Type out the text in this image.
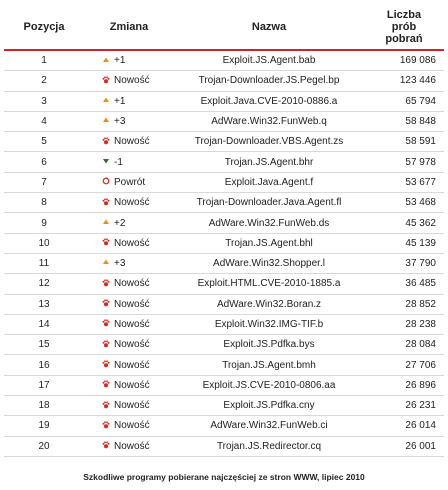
Pozycja	Zmiana	Nazwa	Liczba
prób
pobrań
1	+1	Exploit.JS.Agent.bab	169 086
2	Nowość	Trojan-Downloader.JS.Pegel.bp	123 446
3	+1	Exploit.Java.CVE-2010-0886.a	65 794
4	+3	AdWare.Win32.FunWeb.q	58 848
5	Nowość	Trojan-Downloader.VBS.Agent.zs	58 591
6	-1	Trojan.JS.Agent.bhr	57 978
7	Powrót	Exploit.Java.Agent.f	53 677
8	Nowość	Trojan-Downloader.Java.Agent.fl	53 468
9	+2	AdWare.Win32.FunWeb.ds	45 362
10	Nowość	Trojan.JS.Agent.bhl	45 139
11	+3	AdWare.Win32.Shopper.l	37 790
12	Nowość	Exploit.HTML.CVE-2010-1885.a	36 485
13	Nowość	AdWare.Win32.Boran.z	28 852
14	Nowość	Exploit.Win32.IMG-TIF.b	28 238
15	Nowość	Exploit.JS.Pdfka.bys	28 084
16	Nowość	Trojan.JS.Agent.bmh	27 706
17	Nowość	Exploit.JS.CVE-2010-0806.aa	26 896
18	Nowość	Exploit.JS.Pdfka.cny	26 231
19	Nowość	AdWare.Win32.FunWeb.ci	26 014
20	Nowość	Trojan.JS.Redirector.cq	26 001
Szkodliwe programy pobierane najczęściej ze stron WWW, lipiec 2010
